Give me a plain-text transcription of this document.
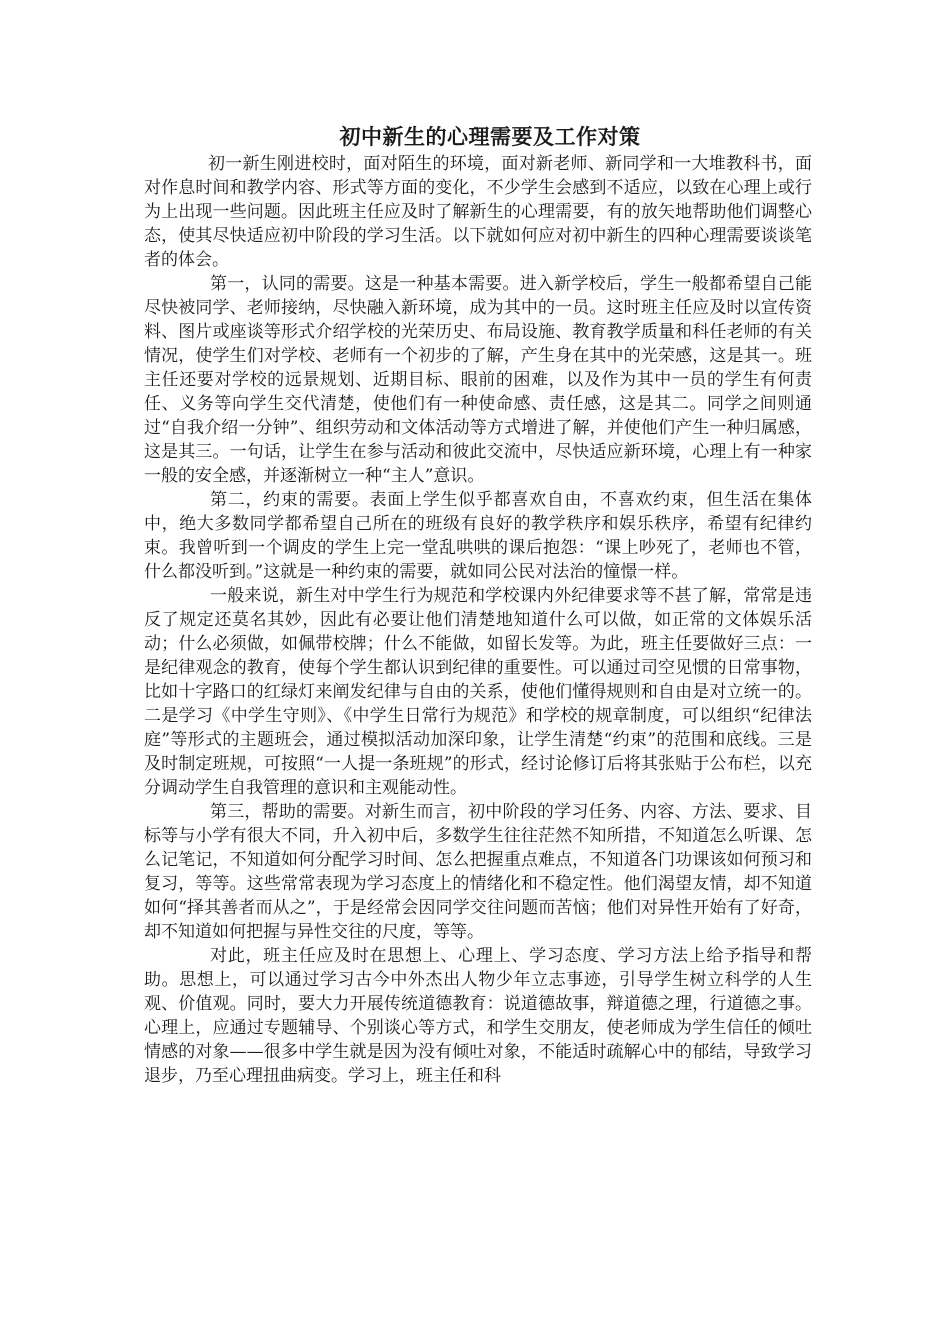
初中新生的心理需要及工作对策

初一新生刚进校时，面对陌生的环境，面对新老师、新同学和一大堆教科书，面对作息时间和教学内容、形式等方面的变化，不少学生会感到不适应，以致在心理上或行为上出现一些问题。因此班主任应及时了解新生的心理需要，有的放矢地帮助他们调整心态，使其尽快适应初中阶段的学习生活。以下就如何应对初中新生的四种心理需要谈谈笔者的体会。

第一，认同的需要。这是一种基本需要。进入新学校后，学生一般都希望自己能尽快被同学、老师接纳，尽快融入新环境，成为其中的一员。这时班主任应及时以宣传资料、图片或座谈等形式介绍学校的光荣历史、布局设施、教育教学质量和科任老师的有关情况，使学生们对学校、老师有一个初步的了解，产生身在其中的光荣感，这是其一。班主任还要对学校的远景规划、近期目标、眼前的困难，以及作为其中一员的学生有何责任、义务等向学生交代清楚，使他们有一种使命感、责任感，这是其二。同学之间则通过“自我介绍一分钟”、组织劳动和文体活动等方式增进了解，并使他们产生一种归属感，这是其三。一句话，让学生在参与活动和彼此交流中，尽快适应新环境，心理上有一种家一般的安全感，并逐渐树立一种“主人”意识。

第二，约束的需要。表面上学生似乎都喜欢自由，不喜欢约束，但生活在集体中，绝大多数同学都希望自己所在的班级有良好的教学秩序和娱乐秩序，希望有纪律约束。我曾听到一个调皮的学生上完一堂乱哄哄的课后抱怨：“课上吵死了，老师也不管，什么都没听到。”这就是一种约束的需要，就如同公民对法治的憧憬一样。

一般来说，新生对中学生行为规范和学校课内外纪律要求等不甚了解，常常是违反了规定还莫名其妙，因此有必要让他们清楚地知道什么可以做，如正常的文体娱乐活动；什么必须做，如佩带校牌；什么不能做，如留长发等。为此，班主任要做好三点：一是纪律观念的教育，使每个学生都认识到纪律的重要性。可以通过司空见惯的日常事物，比如十字路口的红绿灯来阐发纪律与自由的关系，使他们懂得规则和自由是对立统一的。二是学习《中学生守则》、《中学生日常行为规范》和学校的规章制度，可以组织“纪律法庭”等形式的主题班会，通过模拟活动加深印象，让学生清楚“约束”的范围和底线。三是及时制定班规，可按照“一人提一条班规”的形式，经讨论修订后将其张贴于公布栏，以充分调动学生自我管理的意识和主观能动性。

第三，帮助的需要。对新生而言，初中阶段的学习任务、内容、方法、要求、目标等与小学有很大不同，升入初中后，多数学生往往茫然不知所措，不知道怎么听课、怎么记笔记，不知道如何分配学习时间、怎么把握重点难点，不知道各门功课该如何预习和复习，等等。这些常常表现为学习态度上的情绪化和不稳定性。他们渴望友情，却不知道如何“择其善者而从之”，于是经常会因同学交往问题而苦恼；他们对异性开始有了好奇，却不知道如何把握与异性交往的尺度，等等。

对此，班主任应及时在思想上、心理上、学习态度、学习方法上给予指导和帮助。思想上，可以通过学习古今中外杰出人物少年立志事迹，引导学生树立科学的人生观、价值观。同时，要大力开展传统道德教育：说道德故事，辩道德之理，行道德之事。心理上，应通过专题辅导、个别谈心等方式，和学生交朋友，使老师成为学生信任的倾吐情感的对象——很多中学生就是因为没有倾吐对象，不能适时疏解心中的郁结，导致学习退步，乃至心理扭曲病变。学习上，班主任和科
